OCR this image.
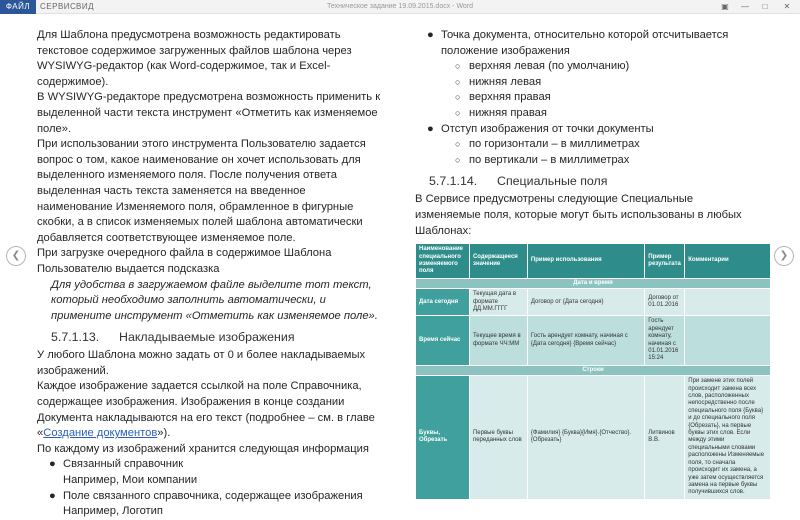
ФАЙЛ	СЕРВИС ВИД	Техническое задание 19.09.2015.docx - Word	▣	—	□	✕
❮	❯

Для Шаблона предусмотрена возможность редактировать текстовое содержимое загруженных файлов шаблона через WYSIWYG-редактор (как Word-содержимое, так и Excel-содержимое).

В WYSIWYG-редакторе предусмотрена возможность применить к выделенной части текста инструмент «Отметить как изменяемое поле».

При использовании этого инструмента Пользователю задается вопрос о том, какое наименование он хочет использовать для выделенного изменяемого поля. После получения ответа выделенная часть текста заменяется на введенное наименование Изменяемого поля, обрамленное в фигурные скобки, а в список изменяемых полей шаблона автоматически добавляется соответствующее изменяемое поле.

При загрузке очередного файла в содержимое Шаблона Пользователю выдается подсказка

Для удобства в загружаемом файле выделите тот текст, который необходимо заполнить автоматически, и примените инструмент «Отметить как изменяемое поле».

5.7.1.13. Накладываемые изображения

У любого Шаблона можно задать от 0 и более накладываемых изображений.

Каждое изображение задается ссылкой на поле Справочника, содержащее изображения. Изображения в конце создании Документа накладываются на его текст (подробнее – см. в главе «Создание документов»).

По каждому из изображений хранится следующая информация

● Связанный справочник
Например, Мои компании
● Поле связанного справочника, содержащее изображения
Например, Логотип
● Точка документа, относительно которой отсчитывается положение изображения
○ верхняя левая (по умолчанию)
○ нижняя левая
○ верхняя правая
○ нижняя правая
● Отступ изображения от точки документы
○ по горизонтали – в миллиметрах
○ по вертикали – в миллиметрах
5.7.1.14. Специальные поля

В Сервисе предусмотрены следующие Специальные изменяемые поля, которые могут быть использованы в любых Шаблонах:

Наименование специального изменяемого поля	Содержащееся значение	Пример использования	Пример результата	Комментарии
Дата и время				
Дата сегодня	Текущая дата в формате ДД.ММ.ГГГГ	Договор от {Дата сегодня}	Договор от 01.01.2016	
Время сейчас	Текущее время в формате ЧЧ:ММ	Гость арендует комнату, начиная с {Дата сегодня} {Время сейчас}	Гость арендует комнату, начиная с 01.01.2016 15:24	
Строки				
Буквы, Обрезать	Первые буквы переданных слов	{Фамилия} {Буква}{Имя}.{Отчество}.{Обрезать}	Литвинов В.В.	При замене этих полей происходит замена всех слов, расположенных непосредственно после специального поля {Буква} и до специального поля {Обрезать}, на первые буквы этих слов. Если между этими специальными словами расположены Изменяемые поля, то сначала происходит их замена, а уже затем осуществляется замена на первые буквы получившихся слов.
